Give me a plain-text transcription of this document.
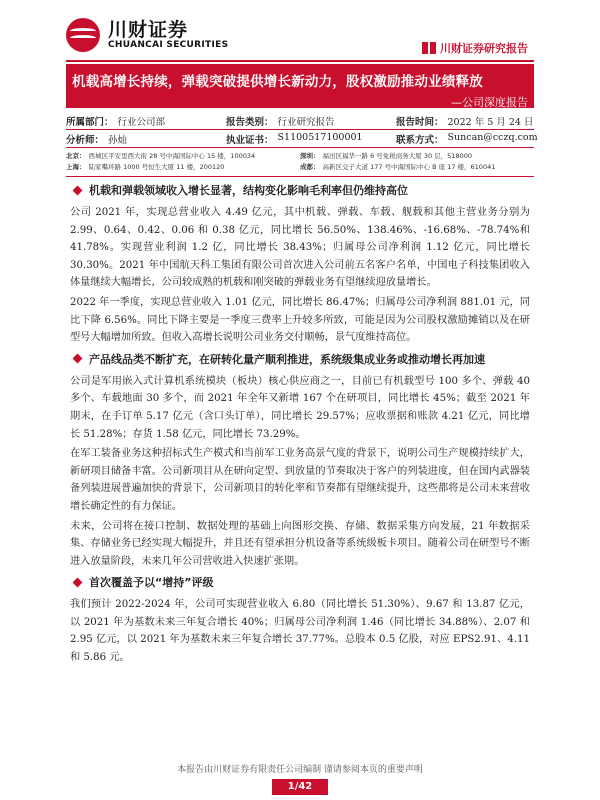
川财证券
CHUANCAI SECURITIES	川财证券研究报告
机载高增长持续，弹载突破提供增长新动力，股权激励推动业绩释放
—公司深度报告
所属部门： 行业公司部	报告类别： 行业研究报告	报告时间： 2022 年 5 月 24 日
分析师： 孙灿	执业证书： S1100517100001	联系方式： Suncan@cczq.com
北京： 西城区平安里西大街 28 号中海国际中心 15 楼，100034	深圳： 福田区福华一路 6 号免税商务大厦 30 层，518000
上海： 陆家嘴环路 1000 号恒生大厦 11 楼，200120	成都： 高新区交子大道 177 号中海国际中心 B 座 17 楼，610041
机载和弹载领域收入增长显著，结构变化影响毛利率但仍维持高位

公司 2021 年，实现总营业收入 4.49 亿元，其中机载、弹载、车载、舰载和其他主营业务分别为 2.99、0.64、0.42、0.06 和 0.38 亿元，同比增长 56.50%、138.46%、-16.68%、-78.74%和 41.78%。实现营业利润 1.2 亿，同比增长 38.43%；归属母公司净利润 1.12 亿元，同比增长 30.30%。2021 年中国航天科工集团有限公司首次进入公司前五名客户名单，中国电子科技集团收入体量继续大幅增长，公司较成熟的机载和刚突破的弹载业务有望继续迎放量增长。

2022 年一季度，实现总营业收入 1.01 亿元，同比增长 86.47%；归属母公司净利润 881.01 元，同比下降 6.56%。同比下降主要是一季度三费率上升较多所致，可能是因为公司股权激励摊销以及在研型号大幅增加所致。但收入高增长说明公司业务交付顺畅，景气度维持高位。

产品线品类不断扩充，在研转化量产顺利推进，系统级集成业务或推动增长再加速

公司是军用嵌入式计算机系统模块（板块）核心供应商之一，目前已有机载型号 100 多个、弹载 40 多个、车载地面 30 多个，而 2021 年全年又新增 167 个在研项目，同比增长 45%；截至 2021 年期末，在手订单 5.17 亿元（含口头订单），同比增长 29.57%；应收票据和账款 4.21 亿元，同比增长 51.28%；存货 1.58 亿元，同比增长 73.29%。

在军工装备业务这种招标式生产模式和当前军工业务高景气度的背景下，说明公司生产规模持续扩大，新研项目储备丰富。公司新项目从在研向定型、到放量的节奏取决于客户的列装进度，但在国内武器装备列装进展普遍加快的背景下，公司新项目的转化率和节奏都有望继续提升，这些都将是公司未来营收增长确定性的有力保证。

未来，公司将在接口控制、数据处理的基础上向图形交换、存储、数据采集方向发展，21 年数据采集、存储业务已经实现大幅提升，并且还有望承担分机设备等系统级板卡项目。随着公司在研型号不断进入放量阶段，未来几年公司营收进入快速扩张期。

首次覆盖予以“增持”评级

我们预计 2022-2024 年，公司可实现营业收入 6.80（同比增长 51.30%）、9.67 和 13.87 亿元，以 2021 年为基数未来三年复合增长 40%；归属母公司净利润 1.46（同比增长 34.88%）、2.07 和 2.95 亿元，以 2021 年为基数未来三年复合增长 37.77%。总股本 0.5 亿股，对应 EPS2.91、4.11 和 5.86 元。

本报告由川财证券有限责任公司编制 谨请参阅本页的重要声明
1/42
